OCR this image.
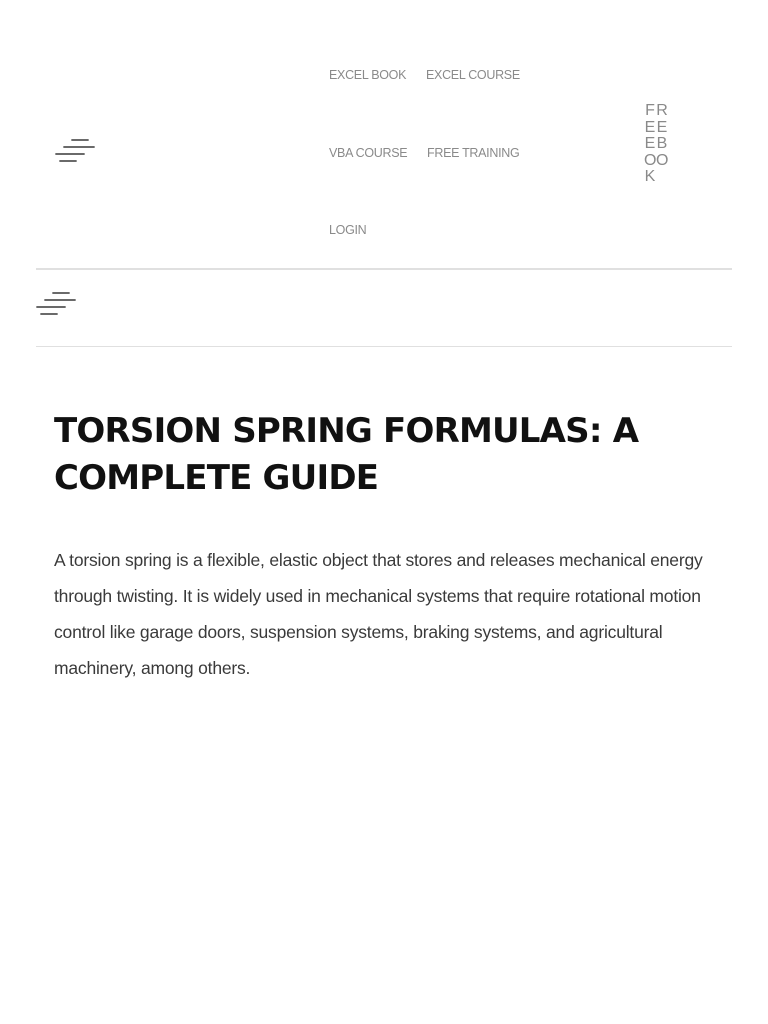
EXCEL BOOK EXCEL COURSE
VBA COURSE FREE TRAINING
LOGIN
F R
E E
E B
O O
K
TORSION SPRING FORMULAS: A COMPLETE GUIDE

A torsion spring is a flexible, elastic object that stores and releases mechanical energy through twisting. It is widely used in mechanical systems that require rotational motion control like garage doors, suspension systems, braking systems, and agricultural machinery, among others.
